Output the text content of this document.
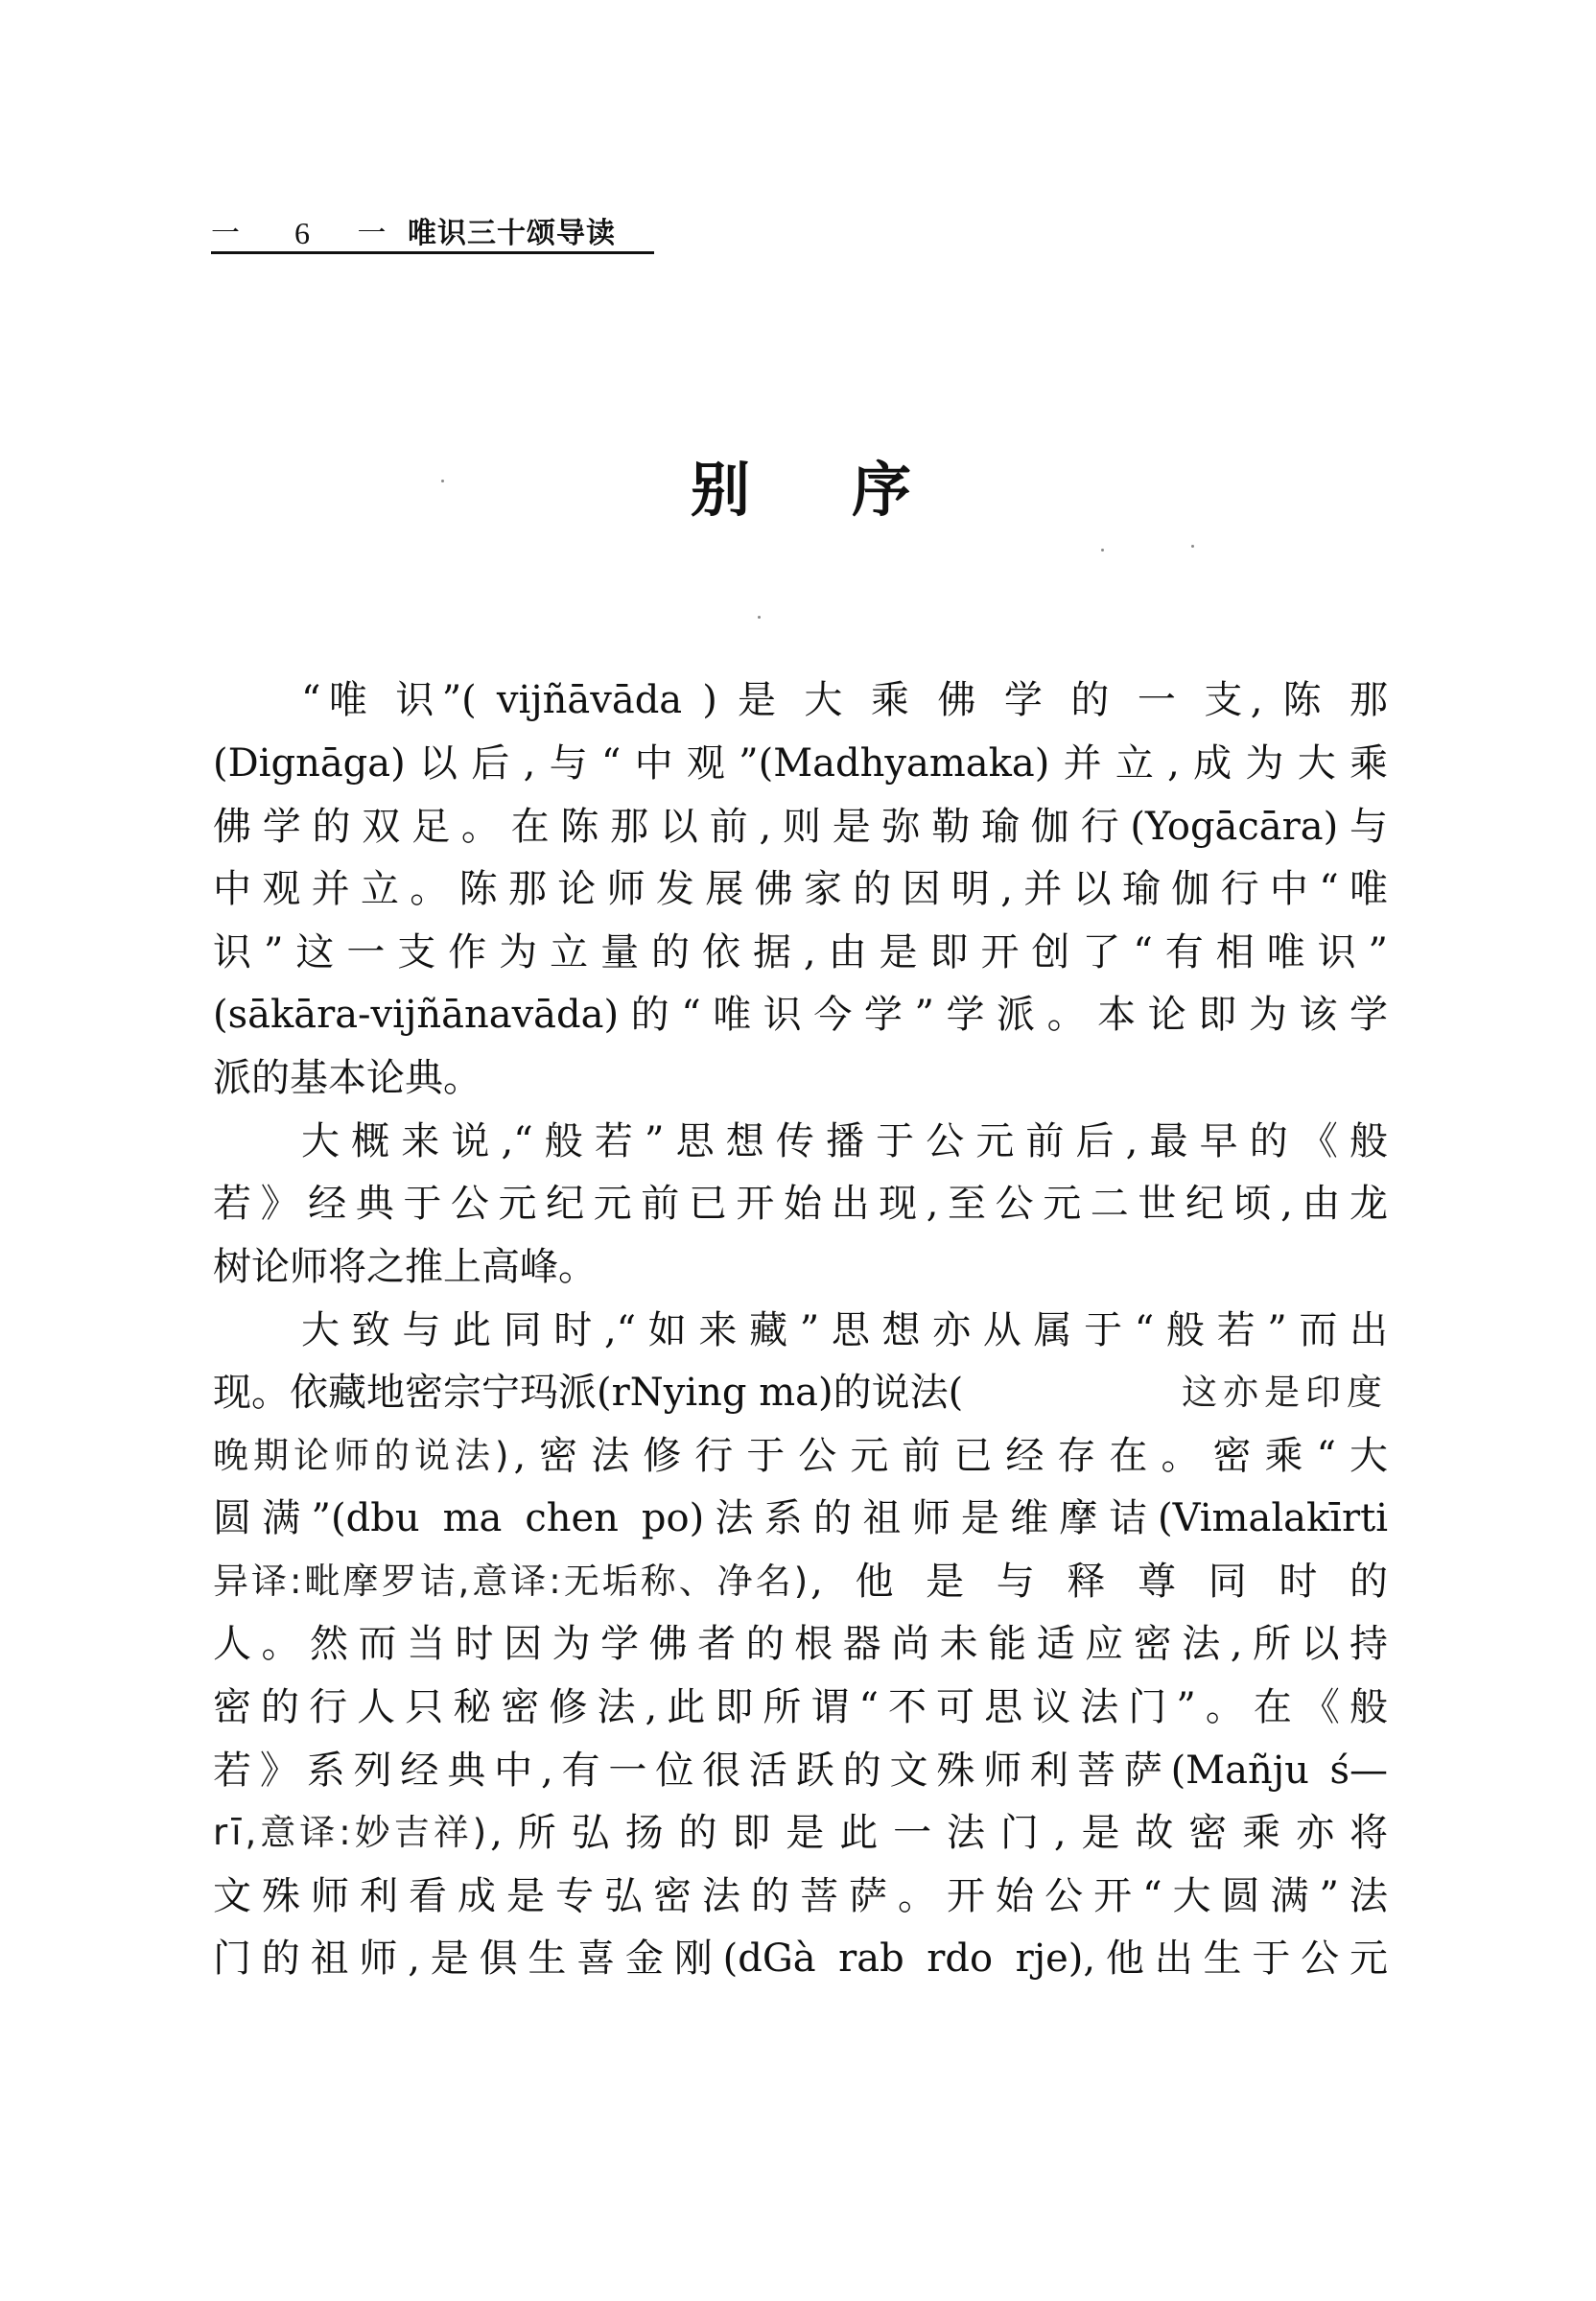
一	6	一 唯识三十颂导读
别 序
“唯 识”( vijñāvāda ) 是 大 乘 佛 学 的 一 支, 陈 那
(Dignāga)以后,与“中观”(Madhyamaka)并立,成为大乘
佛学的双足。在陈那以前,则是弥勒瑜伽行(Yogācāra)与
中观并立。陈那论师发展佛家的因明,并以瑜伽行中“唯
识”这一支作为立量的依据,由是即开创了“有相唯识”
(sākāra-vijñānavāda)的“唯识今学”学派。本论即为该学
派的基本论典。
大概来说,“般若”思想传播于公元前后,最早的《般
若》经典于公元纪元前已开始出现,至公元二世纪顷,由龙
树论师将之推上高峰。
大致与此同时,“如来藏”思想亦从属于“般若”而出
现。依藏地密宗宁玛派(rNying ma)的说法(	这亦是印度
晚期论师的说法) ,密法修行于公元前已经存在。密乘“大
圆满”(dbu ma chen po)法系的祖师是维摩诘(Vimalakīrti
异译:毗摩罗诘,意译:无垢称、净名) ,他是与释尊同时的
人。然而当时因为学佛者的根器尚未能适应密法,所以持
密的行人只秘密修法,此即所谓“不可思议法门”。在《般
若》系列经典中,有一位很活跃的文殊师利菩萨(Mañju ś—
rī,意译:妙吉祥) ,所弘扬的即是此一法门,是故密乘亦将
文殊师利看成是专弘密法的菩萨。开始公开“大圆满”法
门的祖师,是俱生喜金刚(dGà rab rdo rje),他出生于公元
